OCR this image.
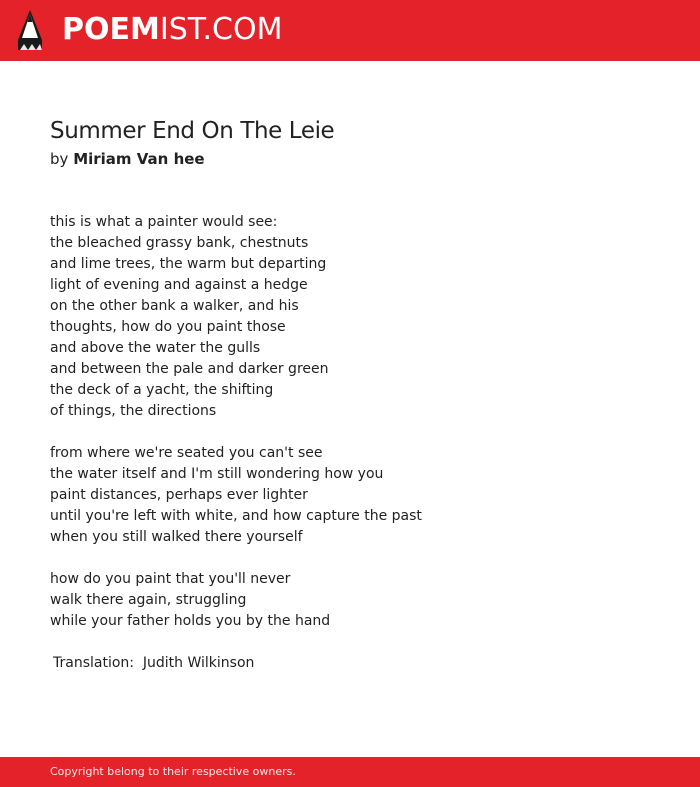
POEMIST.COM
Summer End On The Leie
by Miriam Van hee
this is what a painter would see:
the bleached grassy bank, chestnuts
and lime trees, the warm but departing
light of evening and against a hedge
on the other bank a walker, and his
thoughts, how do you paint those
and above the water the gulls
and between the pale and darker green
the deck of a yacht, the shifting
of things, the directions
from where we're seated you can't see
the water itself and I'm still wondering how you
paint distances, perhaps ever lighter
until you're left with white, and how capture the past
when you still walked there yourself
how do you paint that you'll never
walk there again, struggling
while your father holds you by the hand
Translation:  Judith Wilkinson
Copyright belong to their respective owners.
